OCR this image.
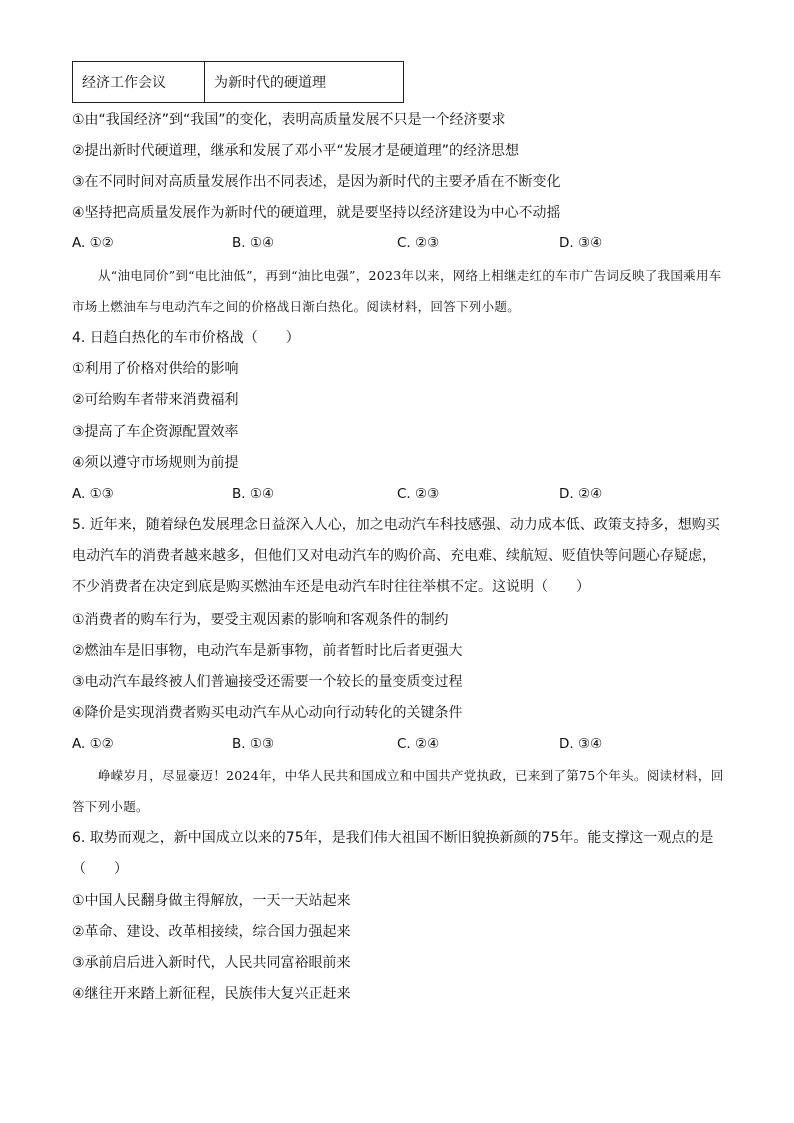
经济工作会议	为新时代的硬道理
①由“我国经济”到“我国”的变化，表明高质量发展不只是一个经济要求
②提出新时代硬道理，继承和发展了邓小平“发展才是硬道理”的经济思想
③在不同时间对高质量发展作出不同表述，是因为新时代的主要矛盾在不断变化
④坚持把高质量发展作为新时代的硬道理，就是要坚持以经济建设为中心不动摇
A. ①②	B. ①④	C. ②③	D. ③④
从“油电同价”到“电比油低”，再到“油比电强”，2023年以来，网络上相继走红的车市广告词反映了我国乘用车市场上燃油车与电动汽车之间的价格战日渐白热化。阅读材料，回答下列小题。
4. 日趋白热化的车市价格战（　　）
①利用了价格对供给的影响
②可给购车者带来消费福利
③提高了车企资源配置效率
④须以遵守市场规则为前提
A. ①③	B. ①④	C. ②③	D. ②④
5. 近年来，随着绿色发展理念日益深入人心，加之电动汽车科技感强、动力成本低、政策支持多，想购买电动汽车的消费者越来越多，但他们又对电动汽车的购价高、充电难、续航短、贬值快等问题心存疑虑，不少消费者在决定到底是购买燃油车还是电动汽车时往往举棋不定。这说明（　　）
①消费者的购车行为，要受主观因素的影响和客观条件的制约
②燃油车是旧事物，电动汽车是新事物，前者暂时比后者更强大
③电动汽车最终被人们普遍接受还需要一个较长的量变质变过程
④降价是实现消费者购买电动汽车从心动向行动转化的关键条件
A. ①②	B. ①③	C. ②④	D. ③④
峥嵘岁月，尽显豪迈！2024年，中华人民共和国成立和中国共产党执政，已来到了第75个年头。阅读材料，回答下列小题。
6. 取势而观之，新中国成立以来的75年，是我们伟大祖国不断旧貌换新颜的75年。能支撑这一观点的是（　　）
①中国人民翻身做主得解放，一天一天站起来
②革命、建设、改革相接续，综合国力强起来
③承前启后进入新时代，人民共同富裕眼前来
④继往开来踏上新征程，民族伟大复兴正赶来
